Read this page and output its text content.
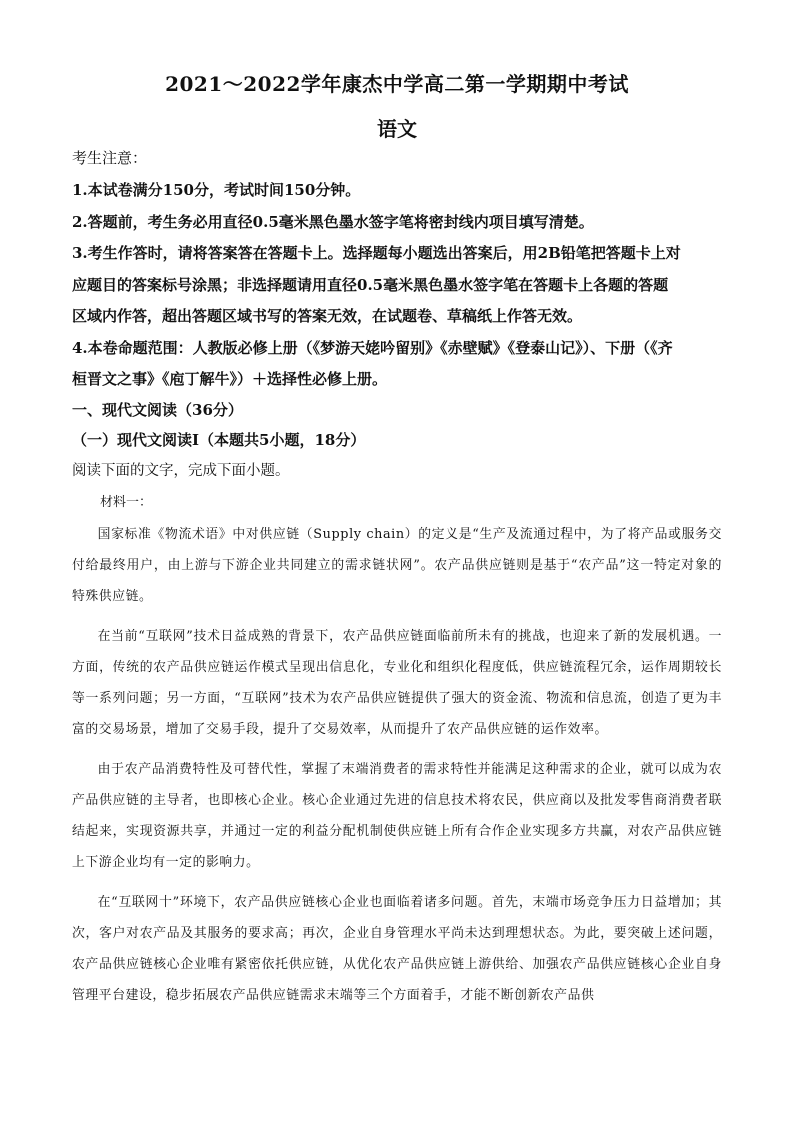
2021～2022学年康杰中学高二第一学期期中考试
语文
考生注意：
1.本试卷满分150分，考试时间150分钟。
2.答题前，考生务必用直径0.5毫米黑色墨水签字笔将密封线内项目填写清楚。
3.考生作答时，请将答案答在答题卡上。选择题每小题选出答案后，用2B铅笔把答题卡上对
应题目的答案标号涂黑；非选择题请用直径0.5毫米黑色墨水签字笔在答题卡上各题的答题
区域内作答，超出答题区域书写的答案无效，在试题卷、草稿纸上作答无效。
4.本卷命题范围：人教版必修上册（《梦游天姥吟留别》《赤壁赋》《登泰山记》）、下册（《齐
桓晋文之事》《庖丁解牛》）＋选择性必修上册。
一、现代文阅读（36分）
（一）现代文阅读Ⅰ（本题共5小题，18分）
阅读下面的文字，完成下面小题。
材料一：

国家标准《物流术语》中对供应链（Supply chain）的定义是“生产及流通过程中，为了将产品或服务交付给最终用户，由上游与下游企业共同建立的需求链状网”。农产品供应链则是基于“农产品”这一特定对象的特殊供应链。

在当前“互联网”技术日益成熟的背景下，农产品供应链面临前所未有的挑战，也迎来了新的发展机遇。一方面，传统的农产品供应链运作模式呈现出信息化，专业化和组织化程度低，供应链流程冗余，运作周期较长等一系列问题；另一方面，“互联网”技术为农产品供应链提供了强大的资金流、物流和信息流，创造了更为丰富的交易场景，增加了交易手段，提升了交易效率，从而提升了农产品供应链的运作效率。

由于农产品消费特性及可替代性，掌握了末端消费者的需求特性并能满足这种需求的企业，就可以成为农产品供应链的主导者，也即核心企业。核心企业通过先进的信息技术将农民，供应商以及批发零售商消费者联结起来，实现资源共享，并通过一定的利益分配机制使供应链上所有合作企业实现多方共赢，对农产品供应链上下游企业均有一定的影响力。

在“互联网十”环境下，农产品供应链核心企业也面临着诸多问题。首先，末端市场竞争压力日益增加；其次，客户对农产品及其服务的要求高；再次，企业自身管理水平尚未达到理想状态。为此，要突破上述问题，农产品供应链核心企业唯有紧密依托供应链，从优化农产品供应链上游供给、加强农产品供应链核心企业自身管理平台建设，稳步拓展农产品供应链需求末端等三个方面着手，才能不断创新农产品供
